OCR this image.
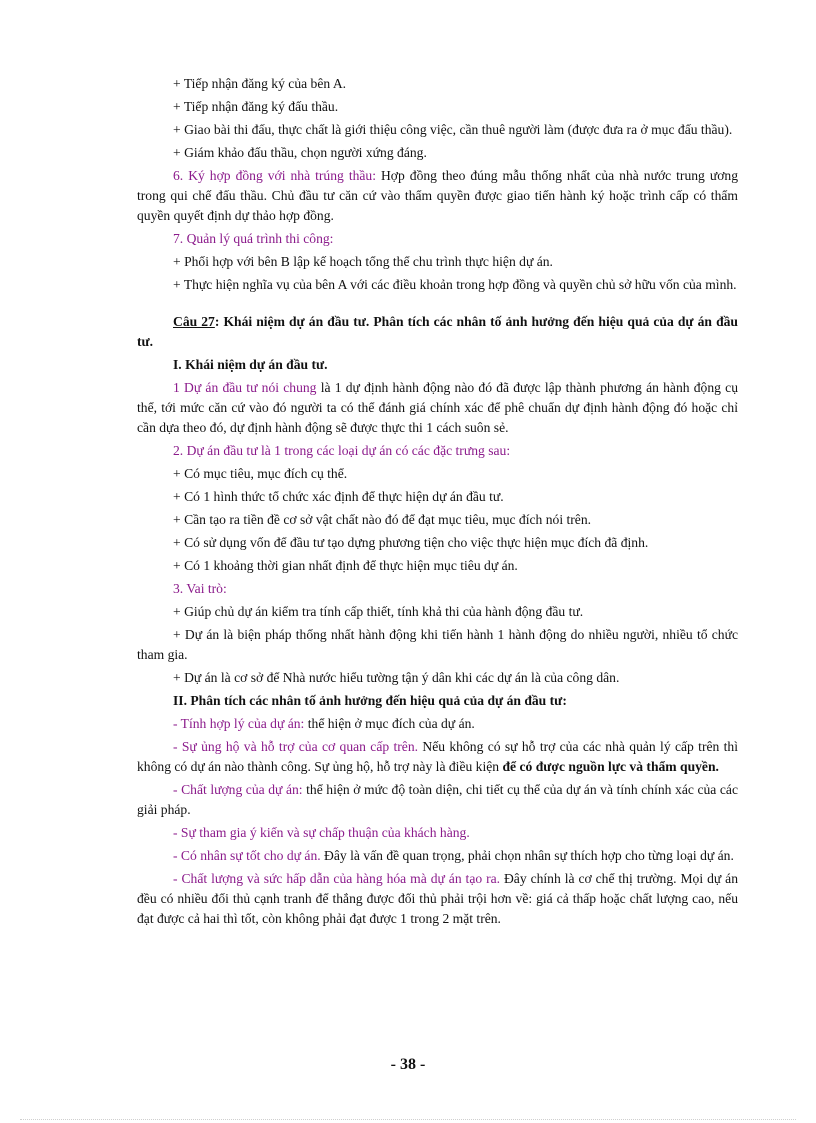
+ Tiếp nhận đăng ký của bên A.

+ Tiếp nhận đăng ký đấu thầu.

+ Giao bài thi đấu, thực chất là giới thiệu công việc, cần thuê người làm (được đưa ra ở mục đấu thầu).

+ Giám khảo đấu thầu, chọn người xứng đáng.

6. Ký hợp đồng với nhà trúng thầu: Hợp đồng theo đúng mẫu thống nhất của nhà nước trung ương trong qui chế đấu thầu. Chủ đầu tư căn cứ vào thẩm quyền được giao tiến hành ký hoặc trình cấp có thẩm quyền quyết định dự thảo hợp đồng.

7. Quản lý quá trình thi công:

+ Phối hợp với bên B lập kế hoạch tổng thể chu trình thực hiện dự án.

+ Thực hiện nghĩa vụ của bên A với các điều khoản trong hợp đồng và quyền chủ sở hữu vốn của mình.

Câu 27: Khái niệm dự án đầu tư. Phân tích các nhân tố ảnh hưởng đến hiệu quả của dự án đầu tư.

I. Khái niệm dự án đầu tư.

1 Dự án đầu tư nói chung là 1 dự định hành động nào đó đã được lập thành phương án hành động cụ thể, tới mức căn cứ vào đó người ta có thể đánh giá chính xác để phê chuẩn dự định hành động đó hoặc chỉ cần dựa theo đó, dự định hành động sẽ được thực thi 1 cách suôn sẻ.

2. Dự án đầu tư là 1 trong các loại dự án có các đặc trưng sau:

+ Có mục tiêu, mục đích cụ thể.

+ Có 1 hình thức tổ chức xác định để thực hiện dự án đầu tư.

+ Cần tạo ra tiền đề cơ sở vật chất nào đó để đạt mục tiêu, mục đích nói trên.

+ Có sử dụng vốn để đầu tư tạo dựng phương tiện cho việc thực hiện mục đích đã định.

+ Có 1 khoảng thời gian nhất định để thực hiện mục tiêu dự án.

3. Vai trò:

+ Giúp chủ dự án kiểm tra tính cấp thiết, tính khả thi của hành động đầu tư.

+ Dự án là biện pháp thống nhất hành động khi tiến hành 1 hành động do nhiều người, nhiều tổ chức tham gia.

+ Dự án là cơ sở để Nhà nước hiểu tường tận ý dân khi các dự án là của công dân.

II. Phân tích các nhân tố ảnh hưởng đến hiệu quả của dự án đầu tư:

- Tính hợp lý của dự án: thể hiện ở mục đích của dự án.

- Sự ủng hộ và hỗ trợ của cơ quan cấp trên. Nếu không có sự hỗ trợ của các nhà quản lý cấp trên thì không có dự án nào thành công. Sự ủng hộ, hỗ trợ này là điều kiện để có được nguồn lực và thẩm quyền.

- Chất lượng của dự án: thể hiện ở mức độ toàn diện, chi tiết cụ thể của dự án và tính chính xác của các giải pháp.

- Sự tham gia ý kiến và sự chấp thuận của khách hàng.

- Có nhân sự tốt cho dự án. Đây là vấn đề quan trọng, phải chọn nhân sự thích hợp cho từng loại dự án.

- Chất lượng và sức hấp dẫn của hàng hóa mà dự án tạo ra. Đây chính là cơ chế thị trường. Mọi dự án đều có nhiều đối thủ cạnh tranh để thắng được đối thủ phải trội hơn về: giá cả thấp hoặc chất lượng cao, nếu đạt được cả hai thì tốt, còn không phải đạt được 1 trong 2 mặt trên.

- 38 -
